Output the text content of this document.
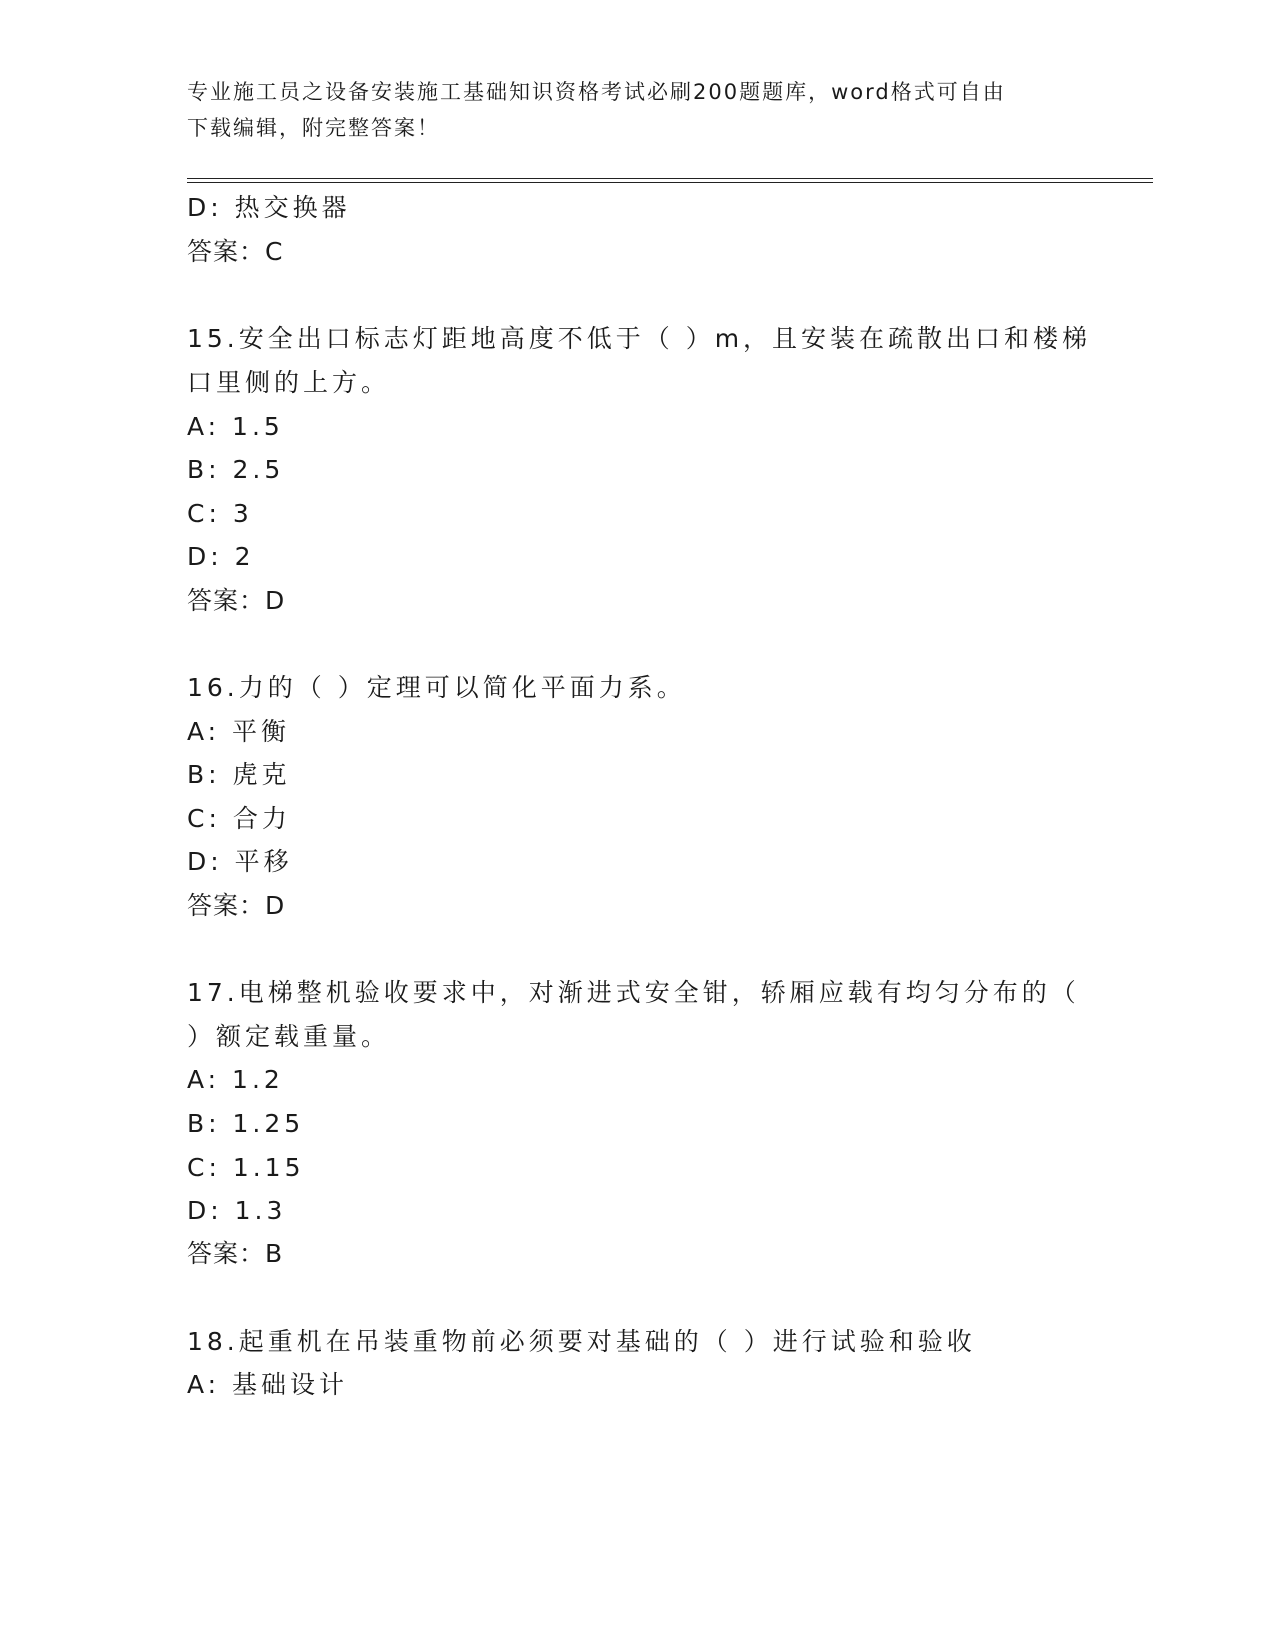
专业施工员之设备安装施工基础知识资格考试必刷200题题库，word格式可自由
下载编辑，附完整答案！
D: 热交换器
答案：C
15.安全出口标志灯距地高度不低于（ ）m，且安装在疏散出口和楼梯
口里侧的上方。
A: 1.5
B: 2.5
C: 3
D: 2
答案：D
16.力的（ ）定理可以简化平面力系。
A: 平衡
B: 虎克
C: 合力
D: 平移
答案：D
17.电梯整机验收要求中，对渐进式安全钳，轿厢应载有均匀分布的（
）额定载重量。
A: 1.2
B: 1.25
C: 1.15
D: 1.3
答案：B
18.起重机在吊装重物前必须要对基础的（ ）进行试验和验收
A: 基础设计
